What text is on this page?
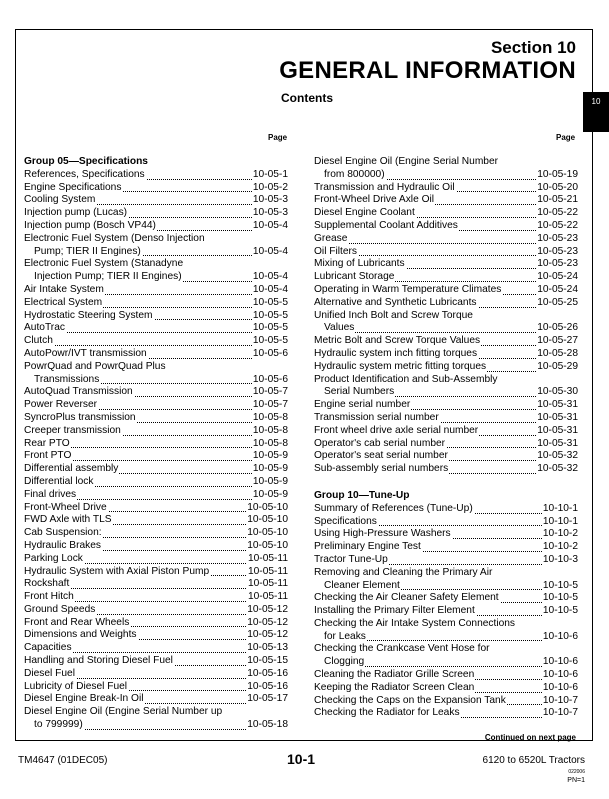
Section 10
GENERAL INFORMATION
Contents	10
Page	Page
Group 05—Specifications
References, Specifications	10-05-1
Engine Specifications	10-05-2
Cooling System	10-05-3
Injection pump (Lucas)	10-05-3
Injection pump (Bosch VP44)	10-05-4
Electronic Fuel System (Denso Injection
Pump; TIER II Engines)	10-05-4
Electronic Fuel System (Stanadyne
Injection Pump; TIER II Engines)	10-05-4
Air Intake System	10-05-4
Electrical System	10-05-5
Hydrostatic Steering System	10-05-5
AutoTrac	10-05-5
Clutch	10-05-5
AutoPowr/IVT transmission	10-05-6
PowrQuad and PowrQuad Plus
Transmissions	10-05-6
AutoQuad Transmission	10-05-7
Power Reverser	10-05-7
SyncroPlus transmission	10-05-8
Creeper transmission	10-05-8
Rear PTO	10-05-8
Front PTO	10-05-9
Differential assembly	10-05-9
Differential lock	10-05-9
Final drives	10-05-9
Front-Wheel Drive	10-05-10
FWD Axle with TLS	10-05-10
Cab Suspension:	10-05-10
Hydraulic Brakes	10-05-10
Parking Lock	10-05-11
Hydraulic System with Axial Piston Pump	10-05-11
Rockshaft	10-05-11
Front Hitch	10-05-11
Ground Speeds	10-05-12
Front and Rear Wheels	10-05-12
Dimensions and Weights	10-05-12
Capacities	10-05-13
Handling and Storing Diesel Fuel	10-05-15
Diesel Fuel	10-05-16
Lubricity of Diesel Fuel	10-05-16
Diesel Engine Break-In Oil	10-05-17
Diesel Engine Oil (Engine Serial Number up
to 799999)	10-05-18
Diesel Engine Oil (Engine Serial Number
from 800000)	10-05-19
Transmission and Hydraulic Oil	10-05-20
Front-Wheel Drive Axle Oil	10-05-21
Diesel Engine Coolant	10-05-22
Supplemental Coolant Additives	10-05-22
Grease	10-05-23
Oil Filters	10-05-23
Mixing of Lubricants	10-05-23
Lubricant Storage	10-05-24
Operating in Warm Temperature Climates	10-05-24
Alternative and Synthetic Lubricants	10-05-25
Unified Inch Bolt and Screw Torque
Values	10-05-26
Metric Bolt and Screw Torque Values	10-05-27
Hydraulic system inch fitting torques	10-05-28
Hydraulic system metric fitting torques	10-05-29
Product Identification and Sub-Assembly
Serial Numbers	10-05-30
Engine serial number	10-05-31
Transmission serial number	10-05-31
Front wheel drive axle serial number	10-05-31
Operator's cab serial number	10-05-31
Operator's seat serial number	10-05-32
Sub-assembly serial numbers	10-05-32
Group 10—Tune-Up
Summary of References (Tune-Up)	10-10-1
Specifications	10-10-1
Using High-Pressure Washers	10-10-2
Preliminary Engine Test	10-10-2
Tractor Tune-Up	10-10-3
Removing and Cleaning the Primary Air
Cleaner Element	10-10-5
Checking the Air Cleaner Safety Element	10-10-5
Installing the Primary Filter Element	10-10-5
Checking the Air Intake System Connections
for Leaks	10-10-6
Checking the Crankcase Vent Hose for
Clogging	10-10-6
Cleaning the Radiator Grille Screen	10-10-6
Keeping the Radiator Screen Clean	10-10-6
Checking the Caps on the Expansion Tank	10-10-7
Checking the Radiator for Leaks	10-10-7
Continued on next page
TM4647 (01DEC05)	10-1	6120 to 6520L Tractors
022006
PN=1
